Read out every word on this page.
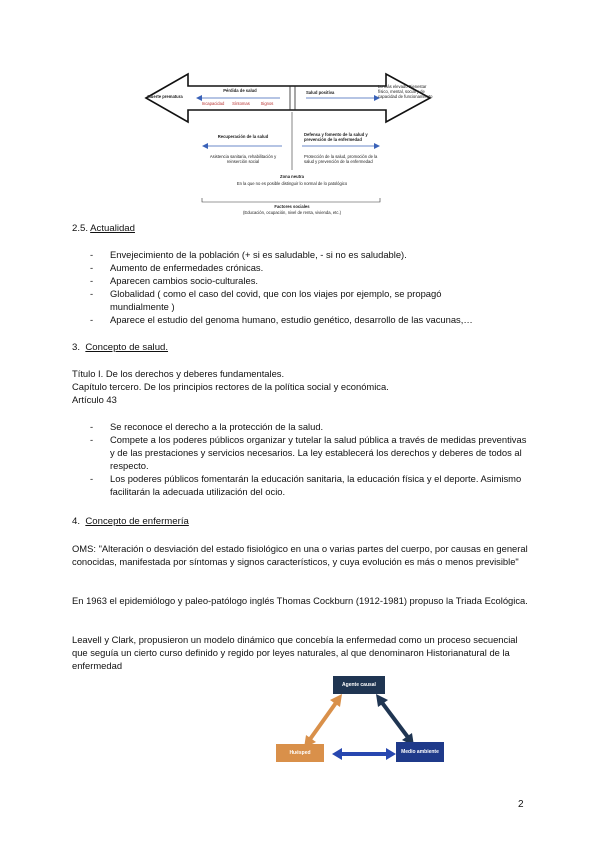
Muerte prematura
Pérdida de salud
Incapacidad	Síntomas	Signos
Salud positiva
Lo más elevado Bienestar físico, mental, social y de capacidad de funcionamiento
Recuperación de la salud
Asistencia sanitaria, rehabilitación y reinserción social
Defensa y fomento de la salud y prevención de la enfermedad
Protección de la salud, promoción de la salud y prevención de la enfermedad
Zona neutra
En la que no es posible distinguir lo normal de lo patológico
Factores sociales
(Educación, ocupación, nivel de renta, vivienda, etc.)
2.5. Actualidad
- Envejecimiento de la población (+ si es saludable, - si no es saludable).
- Aumento de enfermedades crónicas.
- Aparecen cambios socio-culturales.
- Globalidad ( como el caso del covid, que con los viajes por ejemplo, se propagó mundialmente )
- Aparece el estudio del genoma humano, estudio genético, desarrollo de las vacunas,…
3. Concepto de salud.
Título I. De los derechos y deberes fundamentales.
Capítulo tercero. De los principios rectores de la política social y económica.
Artículo 43
- Se reconoce el derecho a la protección de la salud.
- Compete a los poderes públicos organizar y tutelar la salud pública a través de medidas preventivas y de las prestaciones y servicios necesarios. La ley establecerá los derechos y deberes de todos al respecto.
- Los poderes públicos fomentarán la educación sanitaria, la educación física y el deporte. Asimismo facilitarán la adecuada utilización del ocio.
4. Concepto de enfermería

OMS: "Alteración o desviación del estado fisiológico en una o varias partes del cuerpo, por causas en general conocidas, manifestada por síntomas y signos característicos, y cuya evolución es más o menos previsible"

En 1963 el epidemiólogo y paleo-patólogo inglés Thomas Cockburn (1912-1981) propuso la Triada Ecológica.

Leavell y Clark, propusieron un modelo dinámico que concebía la enfermedad como un proceso secuencial que seguía un cierto curso definido y regido por leyes naturales, al que denominaron Historianatural de la enfermedad

Agente causal
Huésped	Medio ambiente
2
